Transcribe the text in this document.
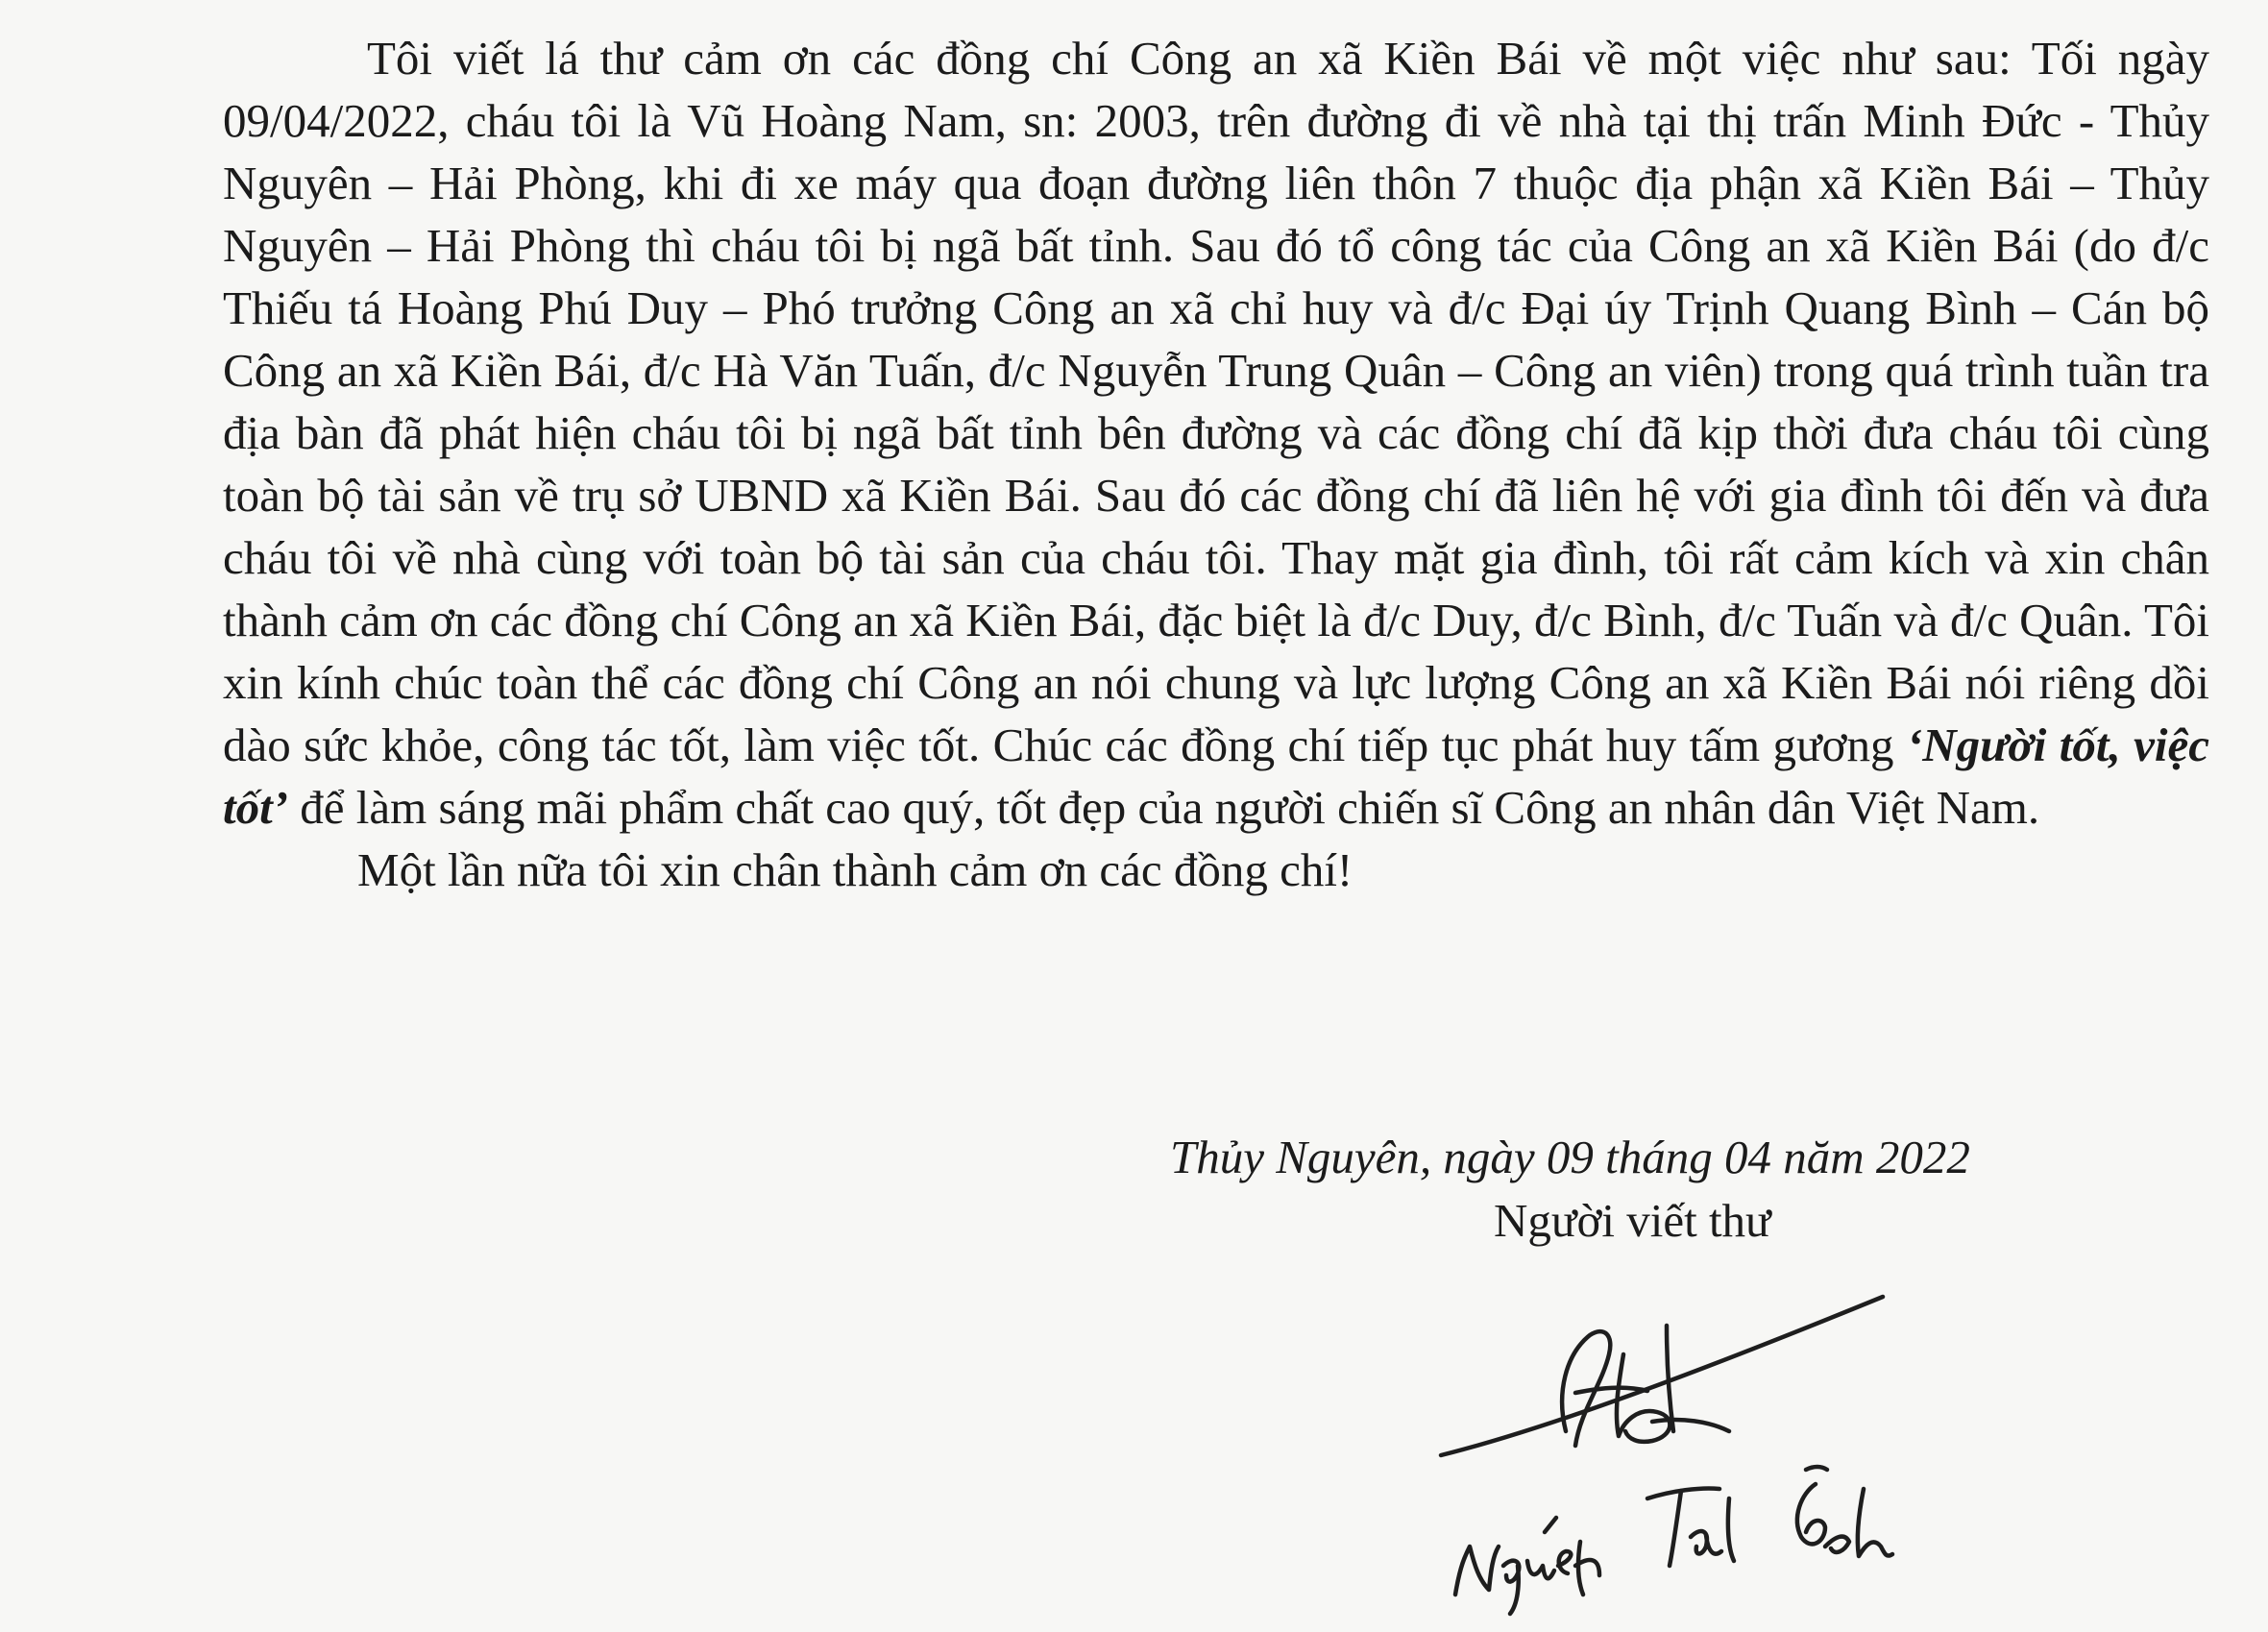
Tôi viết lá thư cảm ơn các đồng chí Công an xã Kiền Bái về một việc như sau: Tối ngày 09/04/2022, cháu tôi là Vũ Hoàng Nam, sn: 2003, trên đường đi về nhà tại thị trấn Minh Đức - Thủy Nguyên – Hải Phòng, khi đi xe máy qua đoạn đường liên thôn 7 thuộc địa phận xã Kiền Bái – Thủy Nguyên – Hải Phòng thì cháu tôi bị ngã bất tỉnh. Sau đó tổ công tác của Công an xã Kiền Bái (do đ/c Thiếu tá Hoàng Phú Duy – Phó trưởng Công an xã chỉ huy và đ/c Đại úy Trịnh Quang Bình – Cán bộ Công an xã Kiền Bái, đ/c Hà Văn Tuấn, đ/c Nguyễn Trung Quân – Công an viên) trong quá trình tuần tra địa bàn đã phát hiện cháu tôi bị ngã bất tỉnh bên đường và các đồng chí đã kịp thời đưa cháu tôi cùng toàn bộ tài sản về trụ sở UBND xã Kiền Bái. Sau đó các đồng chí đã liên hệ với gia đình tôi đến và đưa cháu tôi về nhà cùng với toàn bộ tài sản của cháu tôi. Thay mặt gia đình, tôi rất cảm kích và xin chân thành cảm ơn các đồng chí Công an xã Kiền Bái, đặc biệt là đ/c Duy, đ/c Bình, đ/c Tuấn và đ/c Quân. Tôi xin kính chúc toàn thể các đồng chí Công an nói chung và lực lượng Công an xã Kiền Bái nói riêng dồi dào sức khỏe, công tác tốt, làm việc tốt. Chúc các đồng chí tiếp tục phát huy tấm gương ‘Người tốt, việc tốt’ để làm sáng mãi phẩm chất cao quý, tốt đẹp của người chiến sĩ Công an nhân dân Việt Nam.

Một lần nữa tôi xin chân thành cảm ơn các đồng chí!

Thủy Nguyên, ngày 09 tháng 04 năm 2022
Người viết thư
